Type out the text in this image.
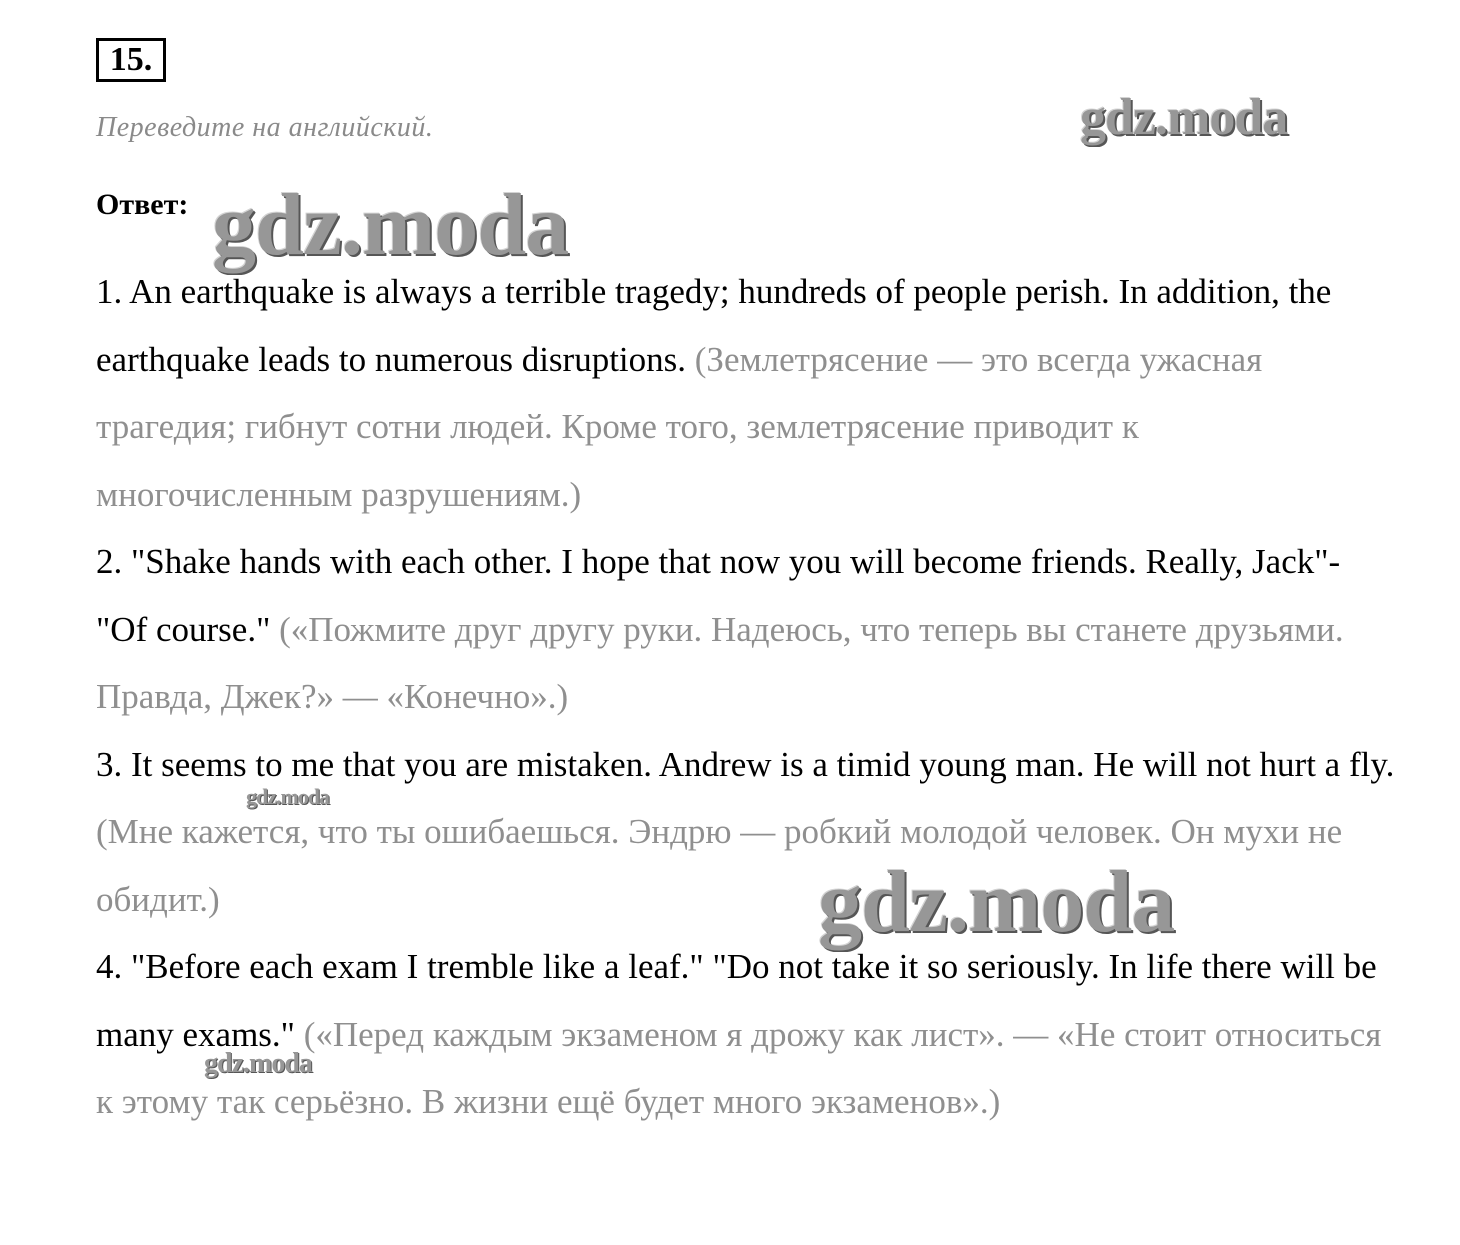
15.
Переведите на английский.
Ответ:

1. An earthquake is always a terrible tragedy; hundreds of people perish. In addition, the earthquake leads to numerous disruptions. (Землетрясение — это всегда ужасная трагедия; гибнут сотни людей. Кроме того, землетрясение приводит к многочисленным разрушениям.)

2. "Shake hands with each other. I hope that now you will become friends. Really, Jack"- "Of course." («Пожмите друг другу руки. Надеюсь, что теперь вы станете друзьями. Правда, Джек?» — «Конечно».)

3. It seems to me that you are mistaken. Andrew is a timid young man. He will not hurt a fly. (Мне кажется, что ты ошибаешься. Эндрю — робкий молодой человек. Он мухи не обидит.)

4. "Before each exam I tremble like a leaf." "Do not take it so seriously. In life there will be many exams." («Перед каждым экзаменом я дрожу как лист». — «Не стоит относиться к этому так серьёзно. В жизни ещё будет много экзаменов».)

gdz.moda
gdz.moda
gdz.moda
gdz.moda
gdz.moda
